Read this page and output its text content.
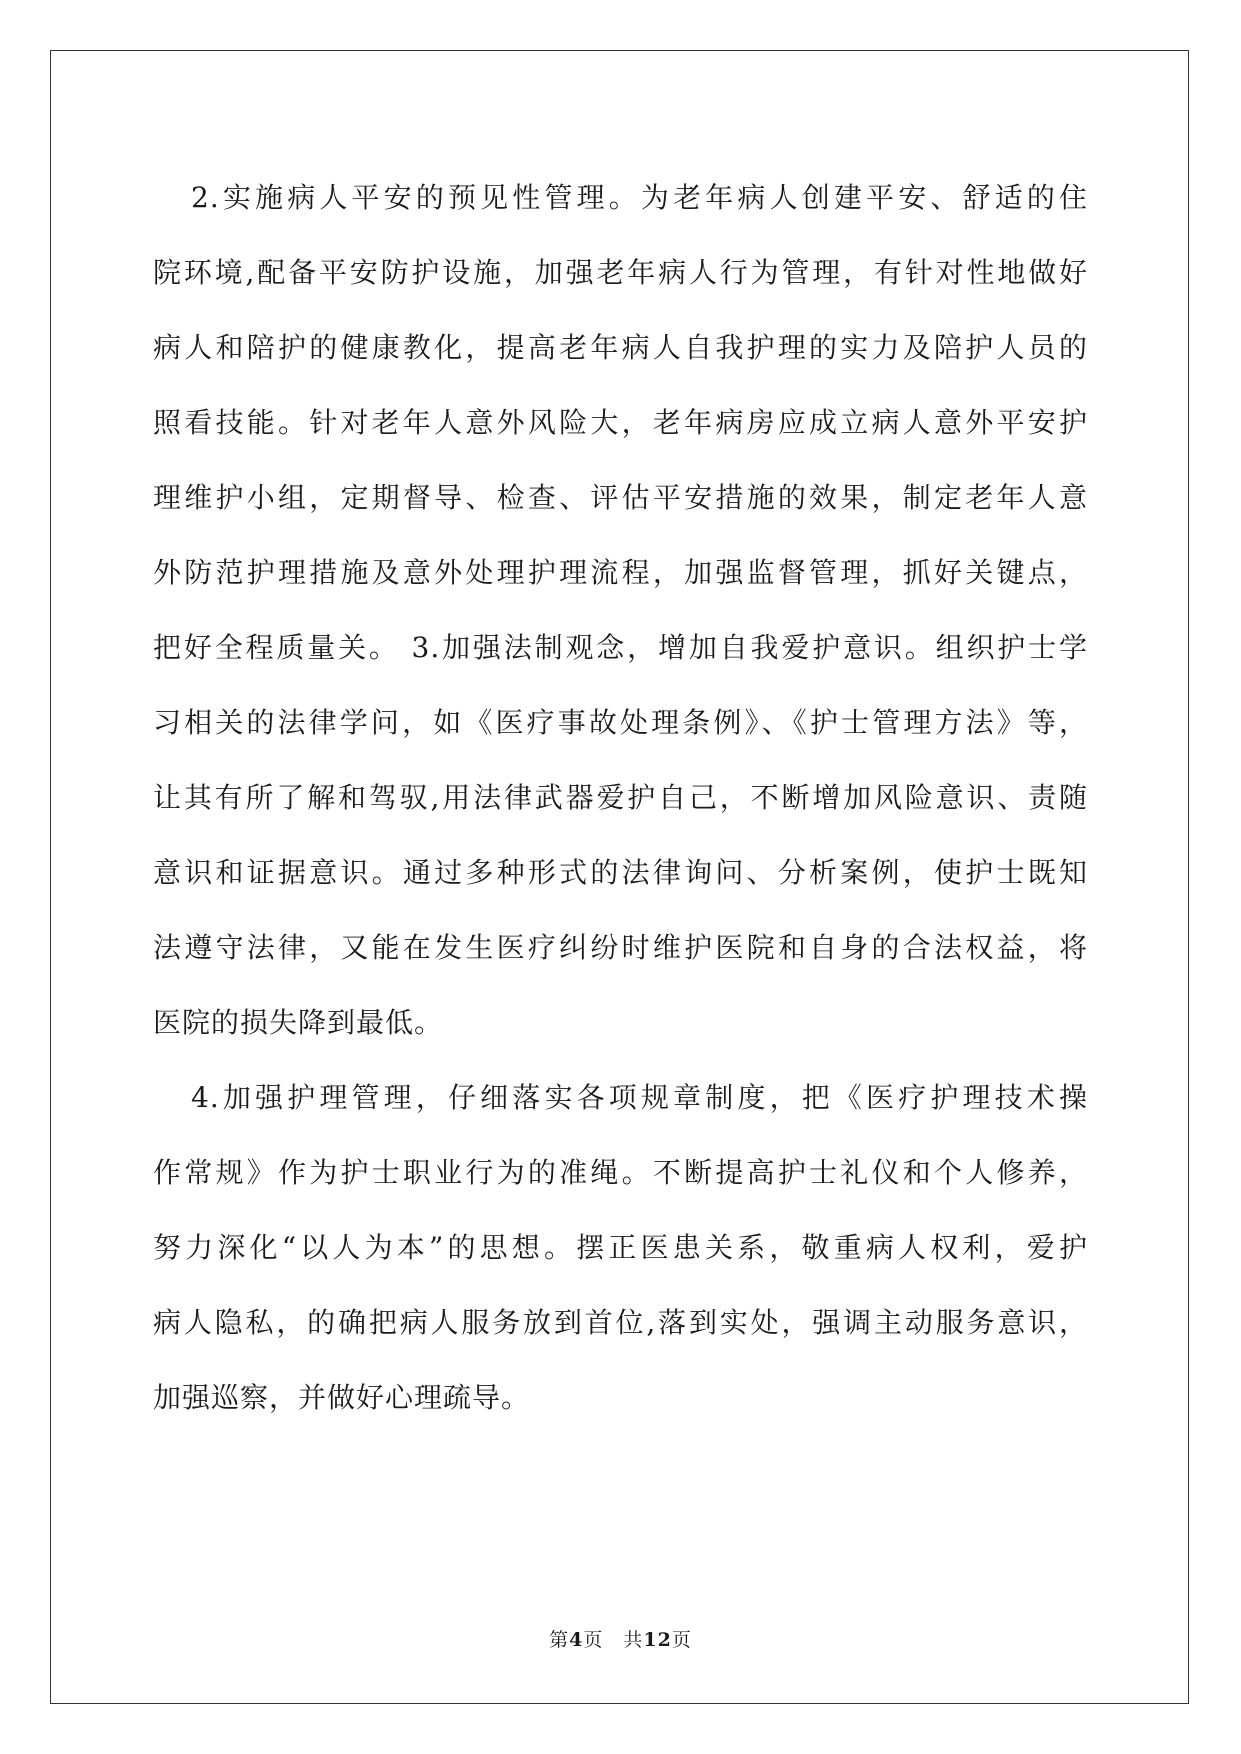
2.实施病人平安的预见性管理。为老年病人创建平安、舒适的住
院环境,配备平安防护设施，加强老年病人行为管理，有针对性地做好
病人和陪护的健康教化，提高老年病人自我护理的实力及陪护人员的
照看技能。针对老年人意外风险大，老年病房应成立病人意外平安护
理维护小组，定期督导、检查、评估平安措施的效果，制定老年人意
外防范护理措施及意外处理护理流程，加强监督管理，抓好关键点，
把好全程质量关。 3.加强法制观念，增加自我爱护意识。组织护士学
习相关的法律学问，如《医疗事故处理条例》、《护士管理方法》等，
让其有所了解和驾驭,用法律武器爱护自己，不断增加风险意识、责随
意识和证据意识。通过多种形式的法律询问、分析案例，使护士既知
法遵守法律，又能在发生医疗纠纷时维护医院和自身的合法权益，将
医院的损失降到最低。
4.加强护理管理，仔细落实各项规章制度，把《医疗护理技术操
作常规》作为护士职业行为的准绳。不断提高护士礼仪和个人修养，
努力深化“以人为本”的思想。摆正医患关系，敬重病人权利，爱护
病人隐私，的确把病人服务放到首位,落到实处，强调主动服务意识，
加强巡察，并做好心理疏导。
第4页　共12页
